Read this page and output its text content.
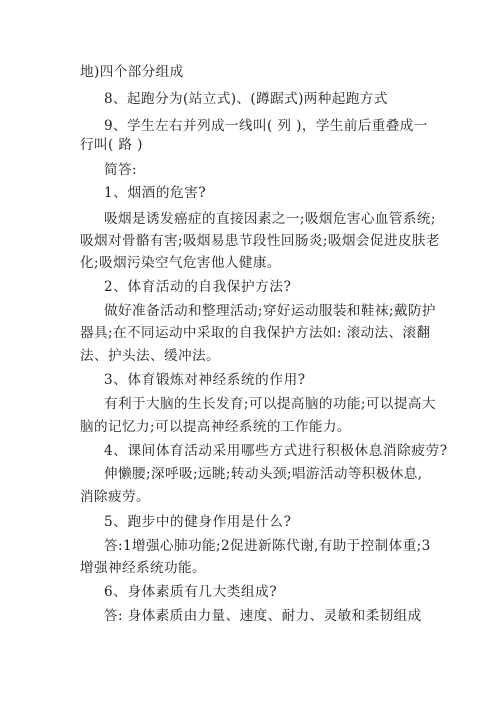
地)四个部分组成
8、起跑分为(站立式)、(蹲踞式)两种起跑方式
9、学生左右并列成一线叫( 列 )，学生前后重叠成一
行叫( 路 )
简答:
1、烟酒的危害?
吸烟是诱发癌症的直接因素之一;吸烟危害心血管系统;
吸烟对骨骼有害;吸烟易患节段性回肠炎;吸烟会促进皮肤老
化;吸烟污染空气危害他人健康。
2、体育活动的自我保护方法?
做好准备活动和整理活动;穿好运动服装和鞋袜;戴防护
器具;在不同运动中采取的自我保护方法如: 滚动法、滚翻
法、护头法、缓冲法。
3、体育锻炼对神经系统的作用?
有利于大脑的生长发育;可以提高脑的功能;可以提高大
脑的记忆力;可以提高神经系统的工作能力。
4、课间体育活动采用哪些方式进行积极休息消除疲劳?
伸懒腰;深呼吸;远眺;转动头颈;唱游活动等积极休息,
消除疲劳。
5、跑步中的健身作用是什么?
答:1增强心肺功能;2促进新陈代谢,有助于控制体重;3
增强神经系统功能。
6、身体素质有几大类组成?
答: 身体素质由力量、速度、耐力、灵敏和柔韧组成
